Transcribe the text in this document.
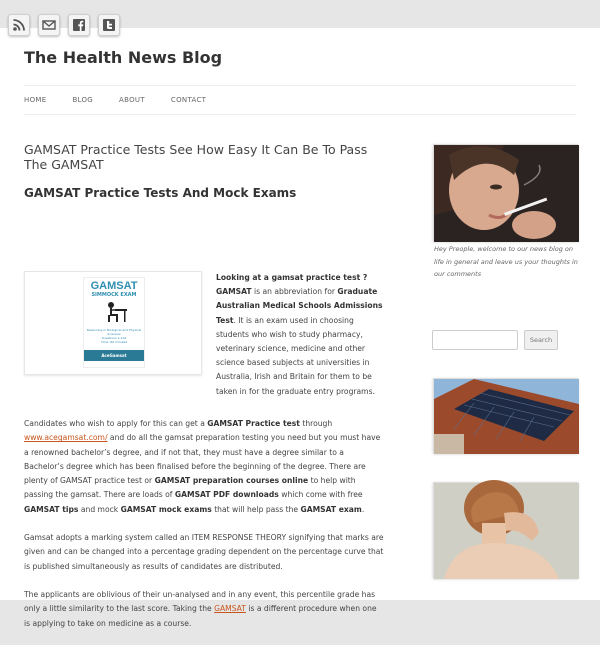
The Health News Blog
HOME	BLOG	ABOUT	CONTACT
GAMSAT Practice Tests See How Easy It Can Be To Pass The GAMSAT
GAMSAT Practice Tests And Mock Exams
GAMSAT
SIMMOCK EXAM
Reasoning in Biological and Physical Sciences
Questions 1-110
Time: 80 minutes
AceGamsat
Looking at a gamsat practice test ?
GAMSAT is an abbreviation for Graduate Australian Medical Schools Admissions Test. It is an exam used in choosing students who wish to study pharmacy, veterinary science, medicine and other science based subjects at universities in Australia, Irish and Britain for them to be taken in for the graduate entry programs.

Candidates who wish to apply for this can get a GAMSAT Practice test through www.acegamsat.com/ and do all the gamsat preparation testing you need but you must have a renowned bachelor’s degree, and if not that, they must have a degree similar to a Bachelor’s degree which has been finalised before the beginning of the degree. There are plenty of GAMSAT practice test or GAMSAT preparation courses online to help with passing the gamsat. There are loads of GAMSAT PDF downloads which come with free GAMSAT tips and mock GAMSAT mock exams that will help pass the GAMSAT exam.

Gamsat adopts a marking system called an ITEM RESPONSE THEORY signifying that marks are given and can be changed into a percentage grading dependent on the percentage curve that is published simultaneously as results of candidates are distributed.

The applicants are oblivious of their un-analysed and in any event, this percentile grade has only a little similarity to the last score. Taking the GAMSAT is a different procedure when one is applying to take on medicine as a course.

Hey Preople, welcome to our news blog on life in general and leave us your thoughts in our comments
Search
